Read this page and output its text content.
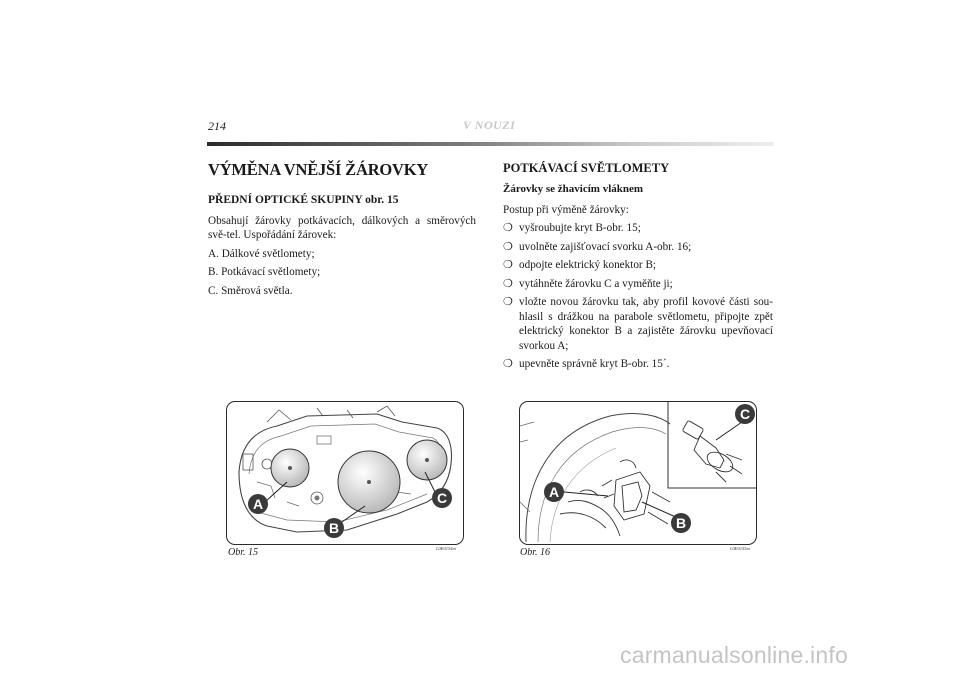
214	V NOUZI
VÝMĚNA VNĚJŠÍ ŽÁROVKY
PŘEDNÍ OPTICKÉ SKUPINY obr. 15

Obsahují žárovky potkávacích, dálkových a směrových svě-tel. Uspořádání žárovek:

A. Dálkové světlomety;
B. Potkávací světlomety;
C. Směrová světla.
POTKÁVACÍ SVĚTLOMETY
Žárovky se žhavicím vláknem

Postup při výměně žárovky:

❍ vyšroubujte kryt B-obr. 15;
❍ uvolněte zajišťovací svorku A-obr. 16;
❍ odpojte elektrický konektor B;
❍ vytáhněte žárovku C a vyměňte ji;
❍ vložte novou žárovku tak, aby profil kovové části sou-hlasil s drážkou na parabole světlometu, připojte zpět elektrický konektor B a zajistěte žárovku upevňovací svorkou A;
❍ upevněte správně kryt B-obr. 15´.
A
B
C
Obr. 15	L0E0154m
A
B
C
Obr. 16	L0E0155m
carmanualsonline.info
